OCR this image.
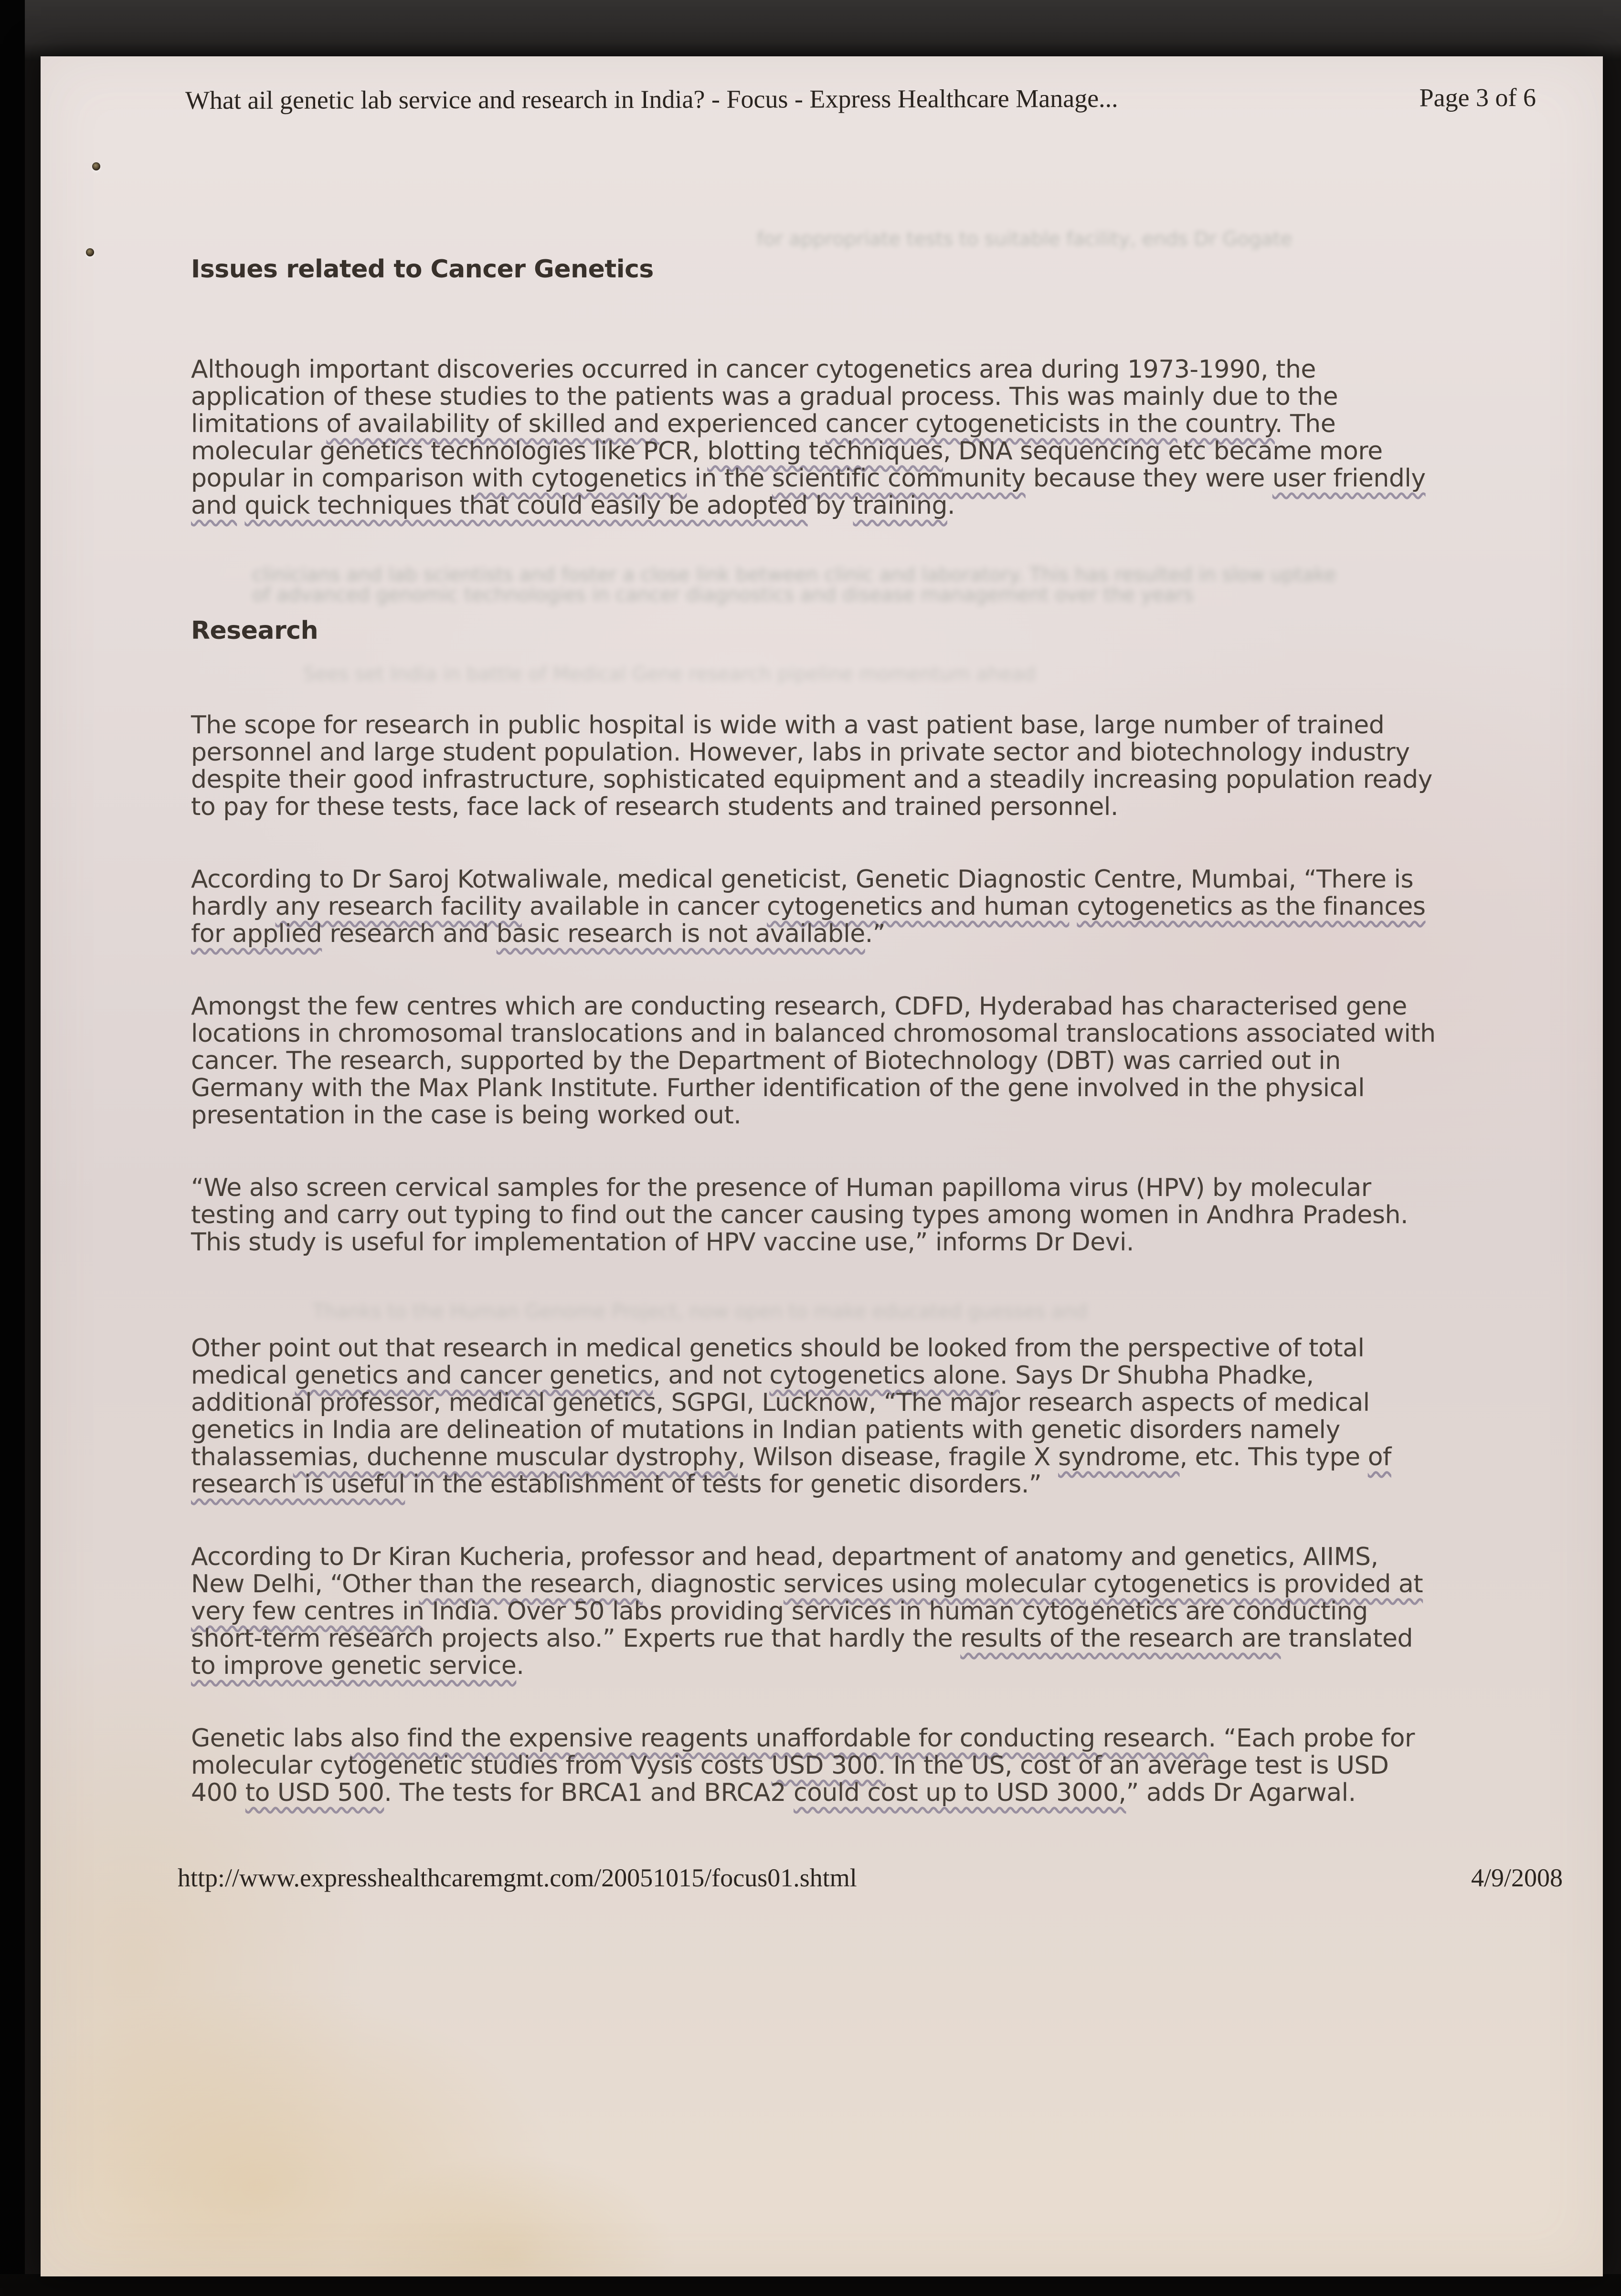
for appropriate tests to suitable facility, ends Dr Gogate
What ail genetic lab service and research in India? - Focus - Express Healthcare Manage...	Page 3 of 6
Issues related to Cancer Genetics

Although important discoveries occurred in cancer cytogenetics area during 1973-1990, the application of these studies to the patients was a gradual process. This was mainly due to the limitations of availability of skilled and experienced cancer cytogeneticists in the country. The molecular genetics technologies like PCR, blotting techniques, DNA sequencing etc became more popular in comparison with cytogenetics in the scientific community because they were user friendly and quick techniques that could easily be adopted by training.

clinicians and lab scientists and foster a close link between clinic and laboratory. This has resulted in slow uptake of advanced genomic technologies in cancer diagnostics and disease management over the years
Research
Sees set India in battle of Medical Gene research pipeline momentum ahead

The scope for research in public hospital is wide with a vast patient base, large number of trained personnel and large student population. However, labs in private sector and biotechnology industry despite their good infrastructure, sophisticated equipment and a steadily increasing population ready to pay for these tests, face lack of research students and trained personnel.

According to Dr Saroj Kotwaliwale, medical geneticist, Genetic Diagnostic Centre, Mumbai, “There is hardly any research facility available in cancer cytogenetics and human cytogenetics as the finances for applied research and basic research is not available.”

Amongst the few centres which are conducting research, CDFD, Hyderabad has characterised gene locations in chromosomal translocations and in balanced chromosomal translocations associated with cancer. The research, supported by the Department of Biotechnology (DBT) was carried out in Germany with the Max Plank Institute. Further identification of the gene involved in the physical presentation in the case is being worked out.

“We also screen cervical samples for the presence of Human papilloma virus (HPV) by molecular testing and carry out typing to find out the cancer causing types among women in Andhra Pradesh. This study is useful for implementation of HPV vaccine use,” informs Dr Devi.

Thanks to the Human Genome Project, now open to make educated guesses and

Other point out that research in medical genetics should be looked from the perspective of total medical genetics and cancer genetics, and not cytogenetics alone. Says Dr Shubha Phadke, additional professor, medical genetics, SGPGI, Lucknow, “The major research aspects of medical genetics in India are delineation of mutations in Indian patients with genetic disorders namely thalassemias, duchenne muscular dystrophy, Wilson disease, fragile X syndrome, etc. This type of research is useful in the establishment of tests for genetic disorders.”

According to Dr Kiran Kucheria, professor and head, department of anatomy and genetics, AIIMS, New Delhi, “Other than the research, diagnostic services using molecular cytogenetics is provided at very few centres in India. Over 50 labs providing services in human cytogenetics are conducting short-term research projects also.” Experts rue that hardly the results of the research are translated to improve genetic service.

Genetic labs also find the expensive reagents unaffordable for conducting research. “Each probe for molecular cytogenetic studies from Vysis costs USD 300. In the US, cost of an average test is USD 400 to USD 500. The tests for BRCA1 and BRCA2 could cost up to USD 3000,” adds Dr Agarwal.

http://www.expresshealthcaremgmt.com/20051015/focus01.shtml	4/9/2008
